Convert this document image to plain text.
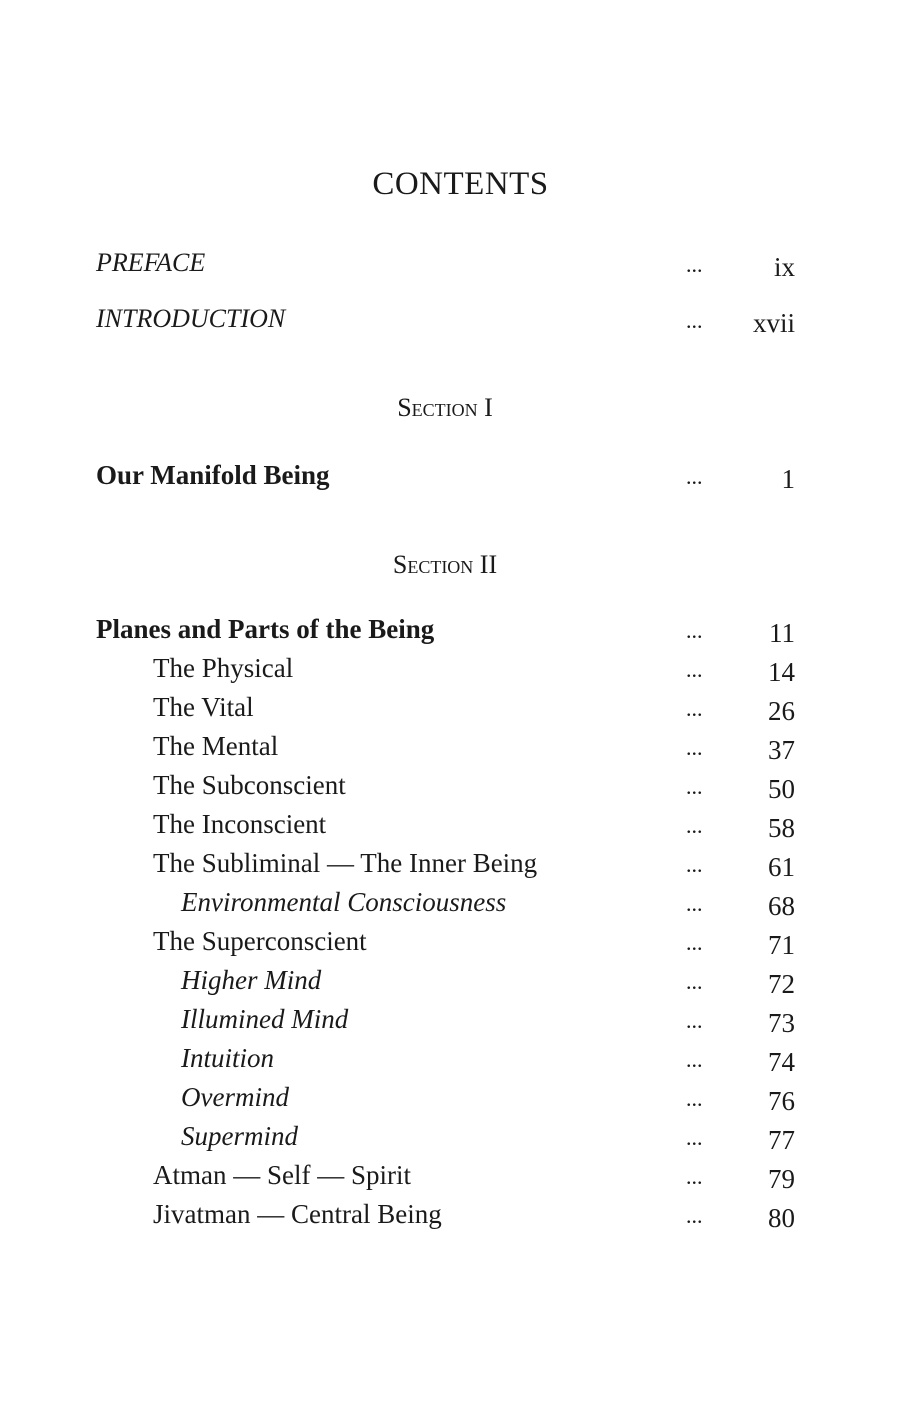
CONTENTS
PREFACE	...	ix
INTRODUCTION	... xvii
Section I
Our Manifold Being	...	1
Section II
Planes and Parts of the Being	... 11
The Physical	... 14
The Vital	... 26
The Mental	... 37
The Subconscient	... 50
The Inconscient	... 58
The Subliminal — The Inner Being	... 61
Environmental Consciousness	... 68
The Superconscient	... 71
Higher Mind	... 72
Illumined Mind	... 73
Intuition	... 74
Overmind	... 76
Supermind	... 77
Atman — Self — Spirit	... 79
Jivatman — Central Being	... 80
